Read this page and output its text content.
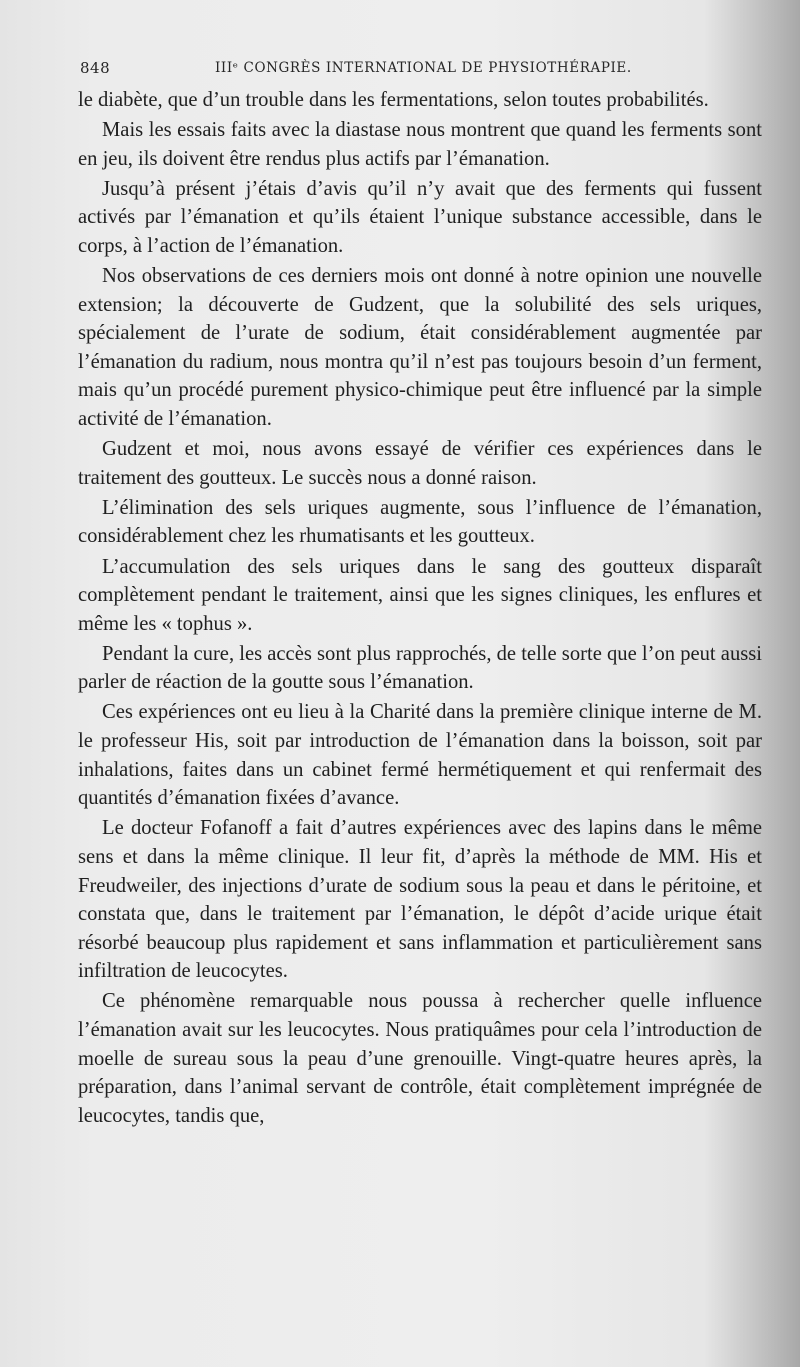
848	IIIᵉ CONGRÈS INTERNATIONAL DE PHYSIOTHÉRAPIE.

le diabète, que d’un trouble dans les fermentations, selon toutes probabilités.

Mais les essais faits avec la diastase nous montrent que quand les ferments sont en jeu, ils doivent être rendus plus actifs par l’émanation.

Jusqu’à présent j’étais d’avis qu’il n’y avait que des ferments qui fussent activés par l’émanation et qu’ils étaient l’unique substance accessible, dans le corps, à l’action de l’émanation.

Nos observations de ces derniers mois ont donné à notre opinion une nouvelle extension; la découverte de Gudzent, que la solubilité des sels uriques, spécialement de l’urate de sodium, était considérablement augmentée par l’émanation du radium, nous montra qu’il n’est pas toujours besoin d’un ferment, mais qu’un procédé purement physico-chimique peut être influencé par la simple activité de l’émanation.

Gudzent et moi, nous avons essayé de vérifier ces expériences dans le traitement des goutteux. Le succès nous a donné raison.

L’élimination des sels uriques augmente, sous l’influence de l’émanation, considérablement chez les rhumatisants et les goutteux.

L’accumulation des sels uriques dans le sang des goutteux disparaît complètement pendant le traitement, ainsi que les signes cliniques, les enflures et même les « tophus ».

Pendant la cure, les accès sont plus rapprochés, de telle sorte que l’on peut aussi parler de réaction de la goutte sous l’émanation.

Ces expériences ont eu lieu à la Charité dans la première clinique interne de M. le professeur His, soit par introduction de l’émanation dans la boisson, soit par inhalations, faites dans un cabinet fermé hermétiquement et qui renfermait des quantités d’émanation fixées d’avance.

Le docteur Fofanoff a fait d’autres expériences avec des lapins dans le même sens et dans la même clinique. Il leur fit, d’après la méthode de MM. His et Freudweiler, des injections d’urate de sodium sous la peau et dans le péritoine, et constata que, dans le traitement par l’émanation, le dépôt d’acide urique était résorbé beaucoup plus rapidement et sans inflammation et particulièrement sans infiltration de leucocytes.

Ce phénomène remarquable nous poussa à rechercher quelle influence l’émanation avait sur les leucocytes. Nous pratiquâmes pour cela l’introduction de moelle de sureau sous la peau d’une grenouille. Vingt-quatre heures après, la préparation, dans l’animal servant de contrôle, était complètement imprégnée de leucocytes, tandis que,
